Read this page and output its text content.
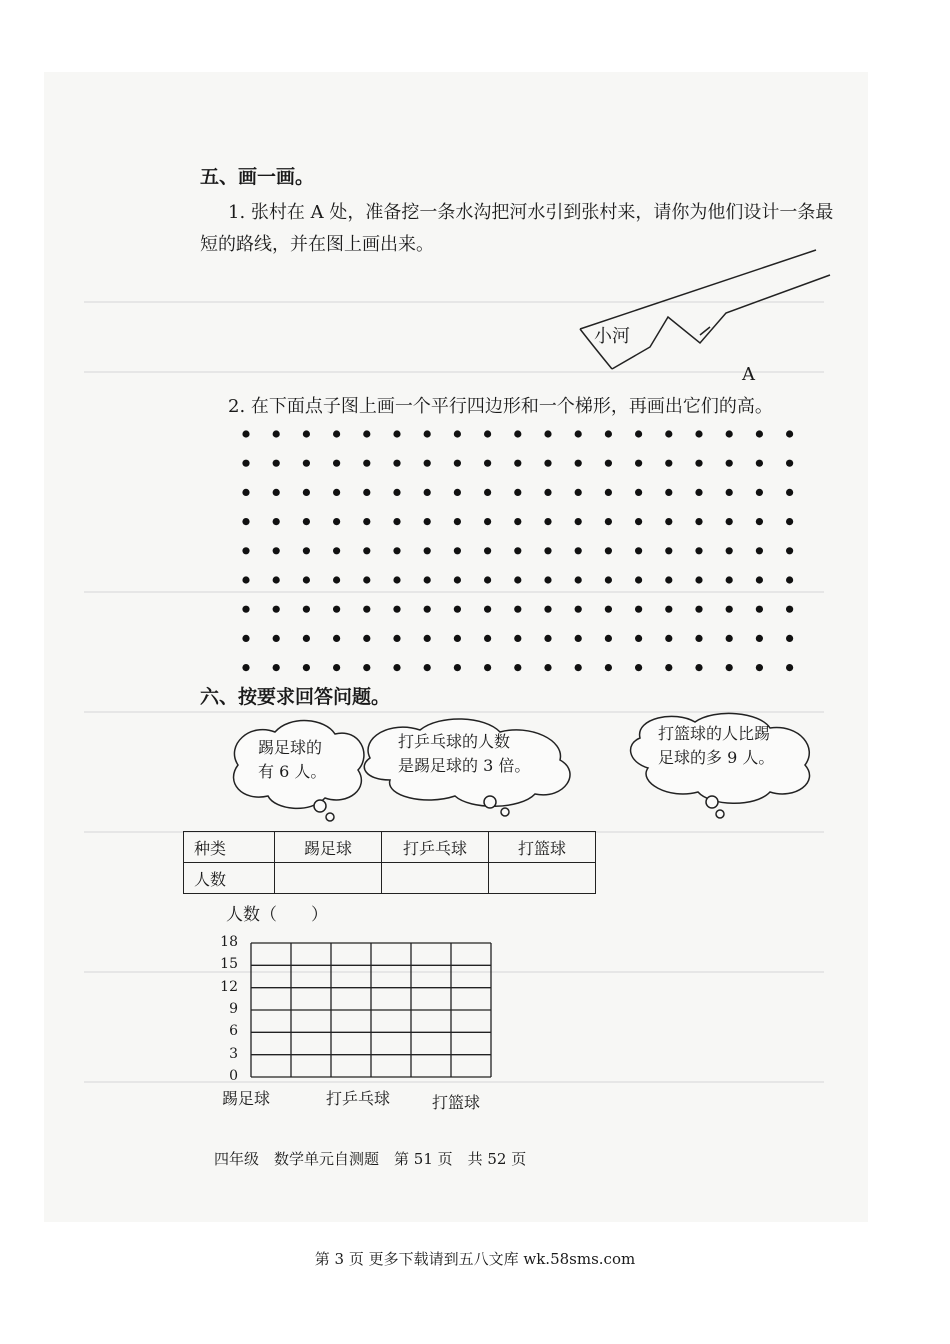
五、画一画。
1. 张村在 A 处，准备挖一条水沟把河水引到张村来，请你为他们设计一条最
短的路线，并在图上画出来。
小河
A
2. 在下面点子图上画一个平行四边形和一个梯形，再画出它们的高。
六、按要求回答问题。
踢足球的
有 6 人。
打乒乓球的人数
是踢足球的 3 倍。
打篮球的人比踢
足球的多 9 人。
种类	踢足球	打乒乓球	打篮球
人数			
人数（　　）
18
15
12
9
6
3
0
踢足球	打乒乓球	打篮球
四年级　数学单元自测题　第 51 页　共 52 页
第 3 页 更多下载请到五八文库 wk.58sms.com
